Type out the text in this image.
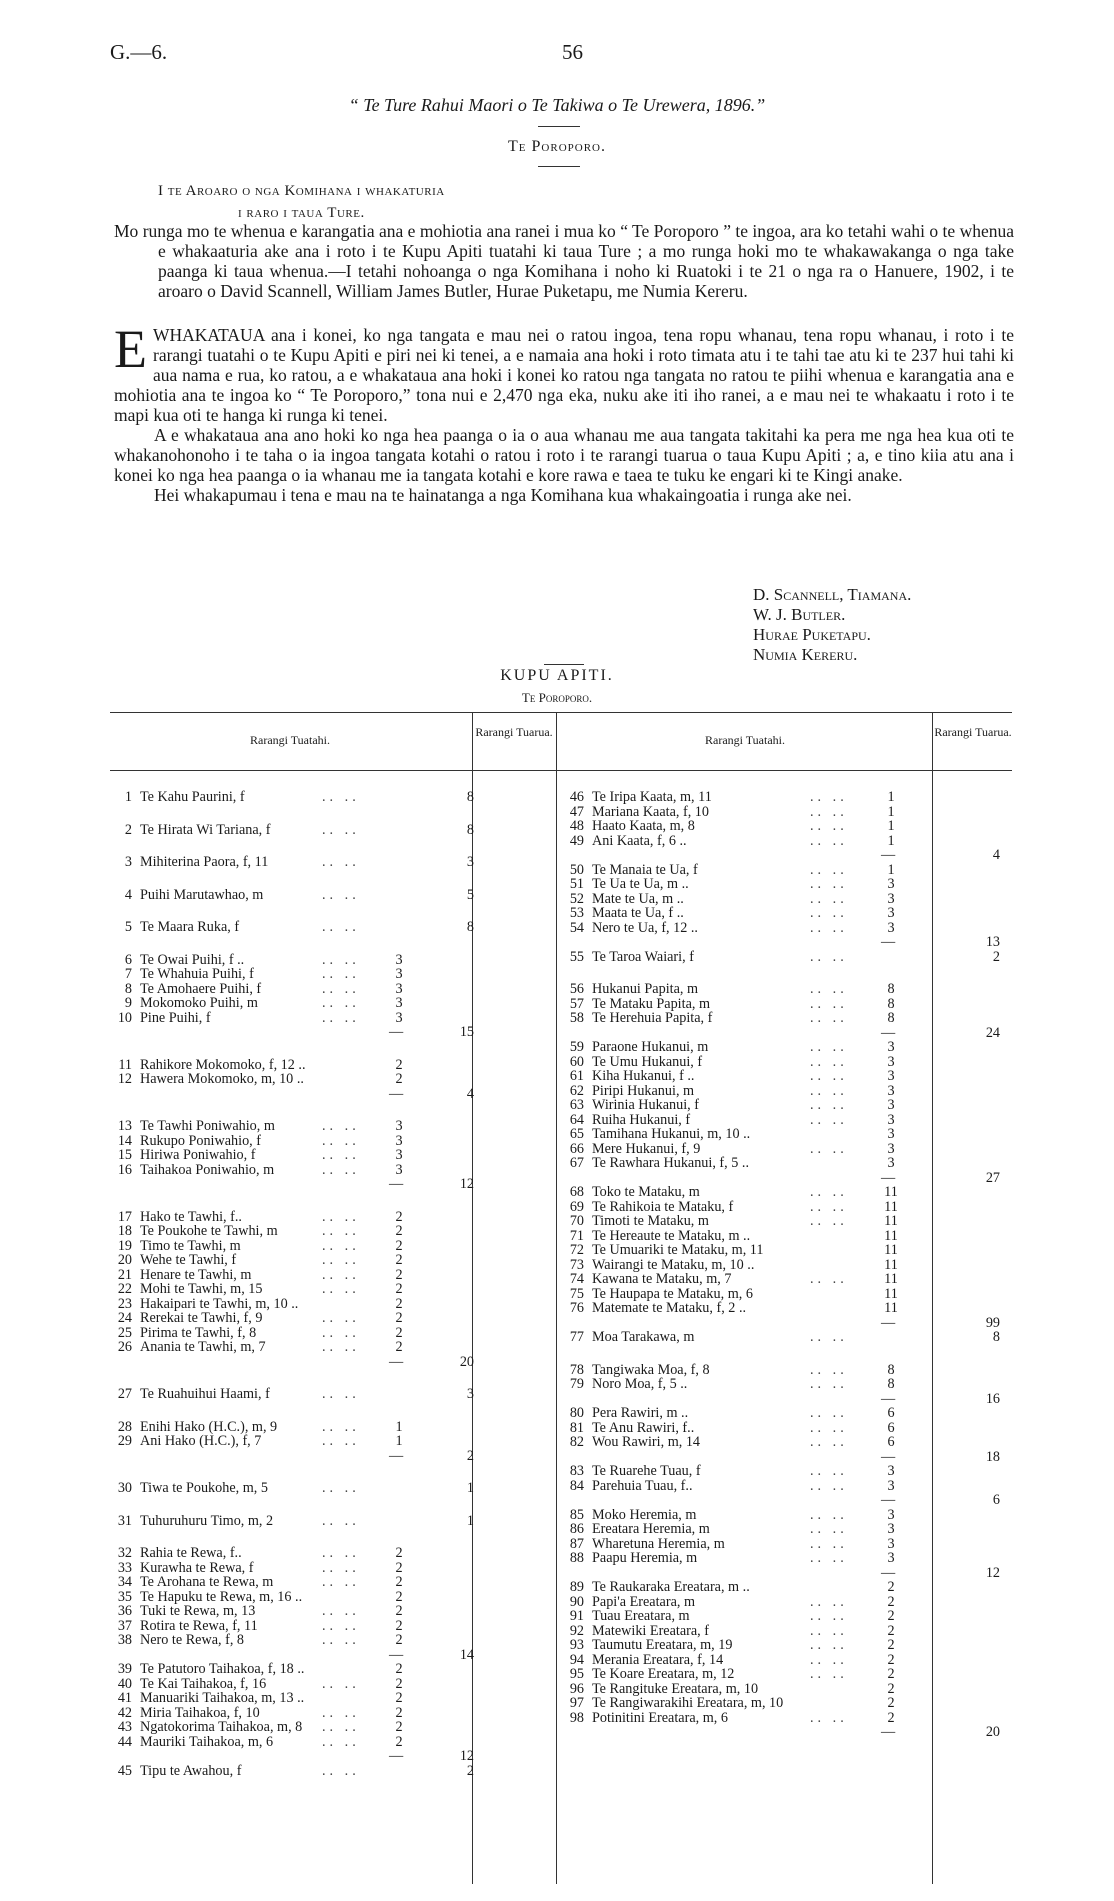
G.—6.	56
“ Te Ture Rahui Maori o Te Takiwa o Te Urewera, 1896.”
Te Poroporo.
I te Aroaro o nga Komihana i whakaturia
i raro i taua Ture.

Mo runga mo te whenua e karangatia ana e mohiotia ana ranei i mua ko “ Te Poroporo ” te ingoa, ara ko tetahi wahi o te whenua e whakaaturia ake ana i roto i te Kupu Apiti tuatahi ki taua Ture ; a mo runga hoki mo te whakawakanga o nga take paanga ki taua whenua.—I tetahi nohoanga o nga Komihana i noho ki Ruatoki i te 21 o nga ra o Hanuere, 1902, i te aroaro o David Scannell, William James Butler, Hurae Puketapu, me Numia Kereru.

EWHAKATAUA ana i konei, ko nga tangata e mau nei o ratou ingoa, tena ropu whanau, tena ropu whanau, i roto i te rarangi tuatahi o te Kupu Apiti e piri nei ki tenei, a e namaia ana hoki i roto timata atu i te tahi tae atu ki te 237 hui tahi ki aua nama e rua, ko ratou, a e whakataua ana hoki i konei ko ratou nga tangata no ratou te piihi whenua e karangatia ana e mohiotia ana te ingoa ko “ Te Poroporo,” tona nui e 2,470 nga eka, nuku ake iti iho ranei, a e mau nei te whakaatu i roto i te mapi kua oti te hanga ki runga ki tenei.

A e whakataua ana ano hoki ko nga hea paanga o ia o aua whanau me aua tangata takitahi ka pera me nga hea kua oti te whakanohonoho i te taha o ia ingoa tangata kotahi o ratou i roto i te rarangi tuarua o taua Kupu Apiti ; a, e tino kiia atu ana i konei ko nga hea paanga o ia whanau me ia tangata kotahi e kore rawa e taea te tuku ke engari ki te Kingi anake.

Hei whakapumau i tena e mau na te hainatanga a nga Komihana kua whakaingoatia i runga ake nei.

D. Scannell, Tiamana.
W. J. Butler.
Hurae Puketapu.
Numia Kereru.
KUPU APITI.
Te Poroporo.
Rarangi Tuatahi.
Rarangi Tuarua.
Rarangi Tuatahi.
Rarangi Tuarua.
1 Te Kahu Paurini, f	.. ..	8
2 Te Hirata Wi Tariana, f	.. ..	8
3 Mihiterina Paora, f, 11	.. ..	3
4 Puihi Marutawhao, m	.. ..	5
5 Te Maara Ruka, f	.. ..	8
6 Te Owai Puihi, f ..	.. ..	3
7 Te Whahuia Puihi, f	.. ..	3
8 Te Amohaere Puihi, f	.. ..	3
9 Mokomoko Puihi, m	.. ..	3
10 Pine Puihi, f	.. ..	3
—	15
11 Rahikore Mokomoko, f, 12 ..	2
12 Hawera Mokomoko, m, 10 ..	2
—	4
13 Te Tawhi Poniwahio, m	.. ..	3
14 Rukupo Poniwahio, f	.. ..	3
15 Hiriwa Poniwahio, f	.. ..	3
16 Taihakoa Poniwahio, m	.. ..	3
—	12
17 Hako te Tawhi, f..	.. ..	2
18 Te Poukohe te Tawhi, m	.. ..	2
19 Timo te Tawhi, m	.. ..	2
20 Wehe te Tawhi, f	.. ..	2
21 Henare te Tawhi, m	.. ..	2
22 Mohi te Tawhi, m, 15	.. ..	2
23 Hakaipari te Tawhi, m, 10 ..	2
24 Rerekai te Tawhi, f, 9	.. ..	2
25 Pirima te Tawhi, f, 8	.. ..	2
26 Anania te Tawhi, m, 7	.. ..	2
—	20
27 Te Ruahuihui Haami, f	.. ..	3
28 Enihi Hako (H.C.), m, 9	.. ..	1
29 Ani Hako (H.C.), f, 7	.. ..	1
—	2
30 Tiwa te Poukohe, m, 5	.. ..	1
31 Tuhuruhuru Timo, m, 2	.. ..	1
32 Rahia te Rewa, f..	.. ..	2
33 Kurawha te Rewa, f	.. ..	2
34 Te Arohana te Rewa, m	.. ..	2
35 Te Hapuku te Rewa, m, 16 ..	2
36 Tuki te Rewa, m, 13	.. ..	2
37 Rotira te Rewa, f, 11	.. ..	2
38 Nero te Rewa, f, 8	.. ..	2
—	14
39 Te Patutoro Taihakoa, f, 18 ..	2
40 Te Kai Taihakoa, f, 16	.. ..	2
41 Manuariki Taihakoa, m, 13 ..	2
42 Miria Taihakoa, f, 10	.. ..	2
43 Ngatokorima Taihakoa, m, 8 .. ..	2
44 Mauriki Taihakoa, m, 6	.. ..	2
—	12
45 Tipu te Awahou, f	.. ..	2
46 Te Iripa Kaata, m, 11	.. ..	1
47 Mariana Kaata, f, 10	.. ..	1
48 Haato Kaata, m, 8	.. ..	1
49 Ani Kaata, f, 6 ..	.. ..	1
—	4
50 Te Manaia te Ua, f	.. ..	1
51 Te Ua te Ua, m ..	.. ..	3
52 Mate te Ua, m ..	.. ..	3
53 Maata te Ua, f ..	.. ..	3
54 Nero te Ua, f, 12 ..	.. ..	3
—	13
55 Te Taroa Waiari, f	.. ..	2
56 Hukanui Papita, m	.. ..	8
57 Te Mataku Papita, m	.. ..	8
58 Te Herehuia Papita, f	.. ..	8
—	24
59 Paraone Hukanui, m	.. ..	3
60 Te Umu Hukanui, f	.. ..	3
61 Kiha Hukanui, f ..	.. ..	3
62 Piripi Hukanui, m	.. ..	3
63 Wirinia Hukanui, f	.. ..	3
64 Ruiha Hukanui, f	.. ..	3
65 Tamihana Hukanui, m, 10 ..	3
66 Mere Hukanui, f, 9	.. ..	3
67 Te Rawhara Hukanui, f, 5 ..	3
—	27
68 Toko te Mataku, m	.. ..	11
69 Te Rahikoia te Mataku, f	.. ..	11
70 Timoti te Mataku, m	.. ..	11
71 Te Hereaute te Mataku, m ..	11
72 Te Umuariki te Mataku, m, 11	11
73 Wairangi te Mataku, m, 10 ..	11
74 Kawana te Mataku, m, 7	.. ..	11
75 Te Haupapa te Mataku, m, 6	11
76 Matemate te Mataku, f, 2 ..	11
—	99
77 Moa Tarakawa, m	.. ..	8
78 Tangiwaka Moa, f, 8	.. ..	8
79 Noro Moa, f, 5 ..	.. ..	8
—	16
80 Pera Rawiri, m ..	.. ..	6
81 Te Anu Rawiri, f..	.. ..	6
82 Wou Rawiri, m, 14	.. ..	6
—	18
83 Te Ruarehe Tuau, f	.. ..	3
84 Parehuia Tuau, f..	.. ..	3
—	6
85 Moko Heremia, m	.. ..	3
86 Ereatara Heremia, m	.. ..	3
87 Wharetuna Heremia, m	.. ..	3
88 Paapu Heremia, m	.. ..	3
—	12
89 Te Raukaraka Ereatara, m ..	2
90 Papi'a Ereatara, m	.. ..	2
91 Tuau Ereatara, m	.. ..	2
92 Matewiki Ereatara, f	.. ..	2
93 Taumutu Ereatara, m, 19	.. ..	2
94 Merania Ereatara, f, 14	.. ..	2
95 Te Koare Ereatara, m, 12	.. ..	2
96 Te Rangituke Ereatara, m, 10	2
97 Te Rangiwarakihi Ereatara, m, 10	2
98 Potinitini Ereatara, m, 6	.. ..	2
—	20
